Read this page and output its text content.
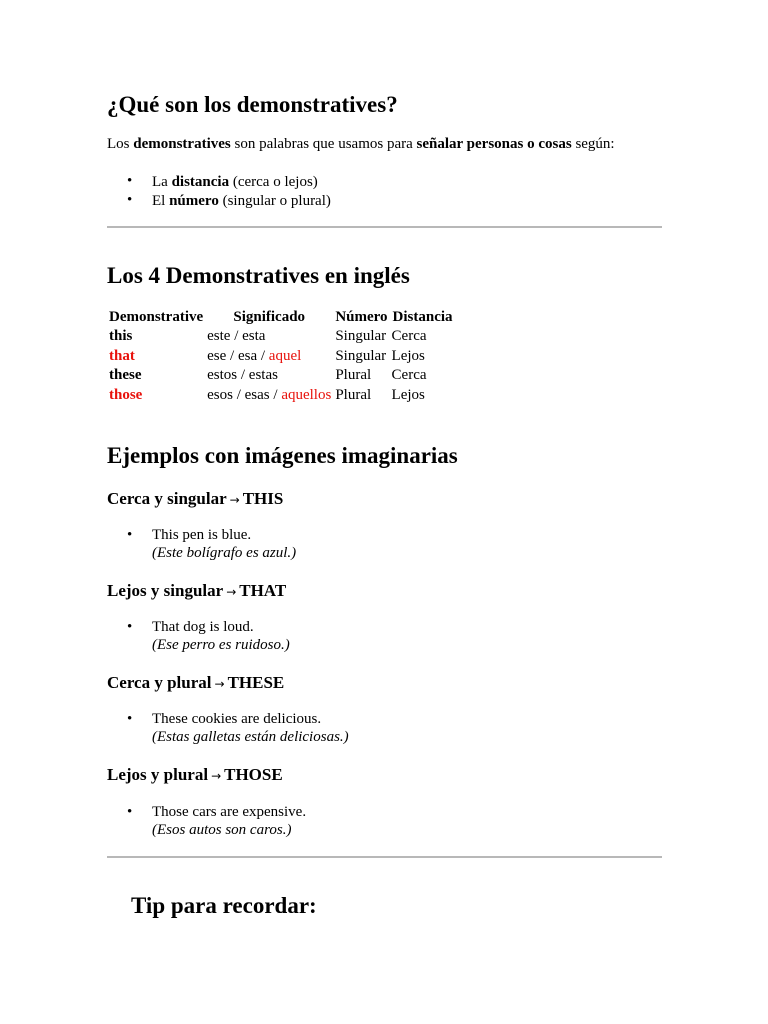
¿Qué son los demonstratives?
Los demonstratives son palabras que usamos para señalar personas o cosas según:
• La distancia (cerca o lejos)
• El número (singular o plural)
Los 4 Demonstratives en inglés
Demonstrative	Significado	Número	Distancia
this	este / esta	Singular	Cerca
that	ese / esa / aquel	Singular	Lejos
these	estos / estas	Plural	Cerca
those	esos / esas / aquellos	Plural	Lejos
Ejemplos con imágenes imaginarias
Cerca y singular → THIS
• This pen is blue.
(Este bolígrafo es azul.)
Lejos y singular → THAT
• That dog is loud.
(Ese perro es ruidoso.)
Cerca y plural → THESE
• These cookies are delicious.
(Estas galletas están deliciosas.)
Lejos y plural → THOSE
• Those cars are expensive.
(Esos autos son caros.)
Tip para recordar:
